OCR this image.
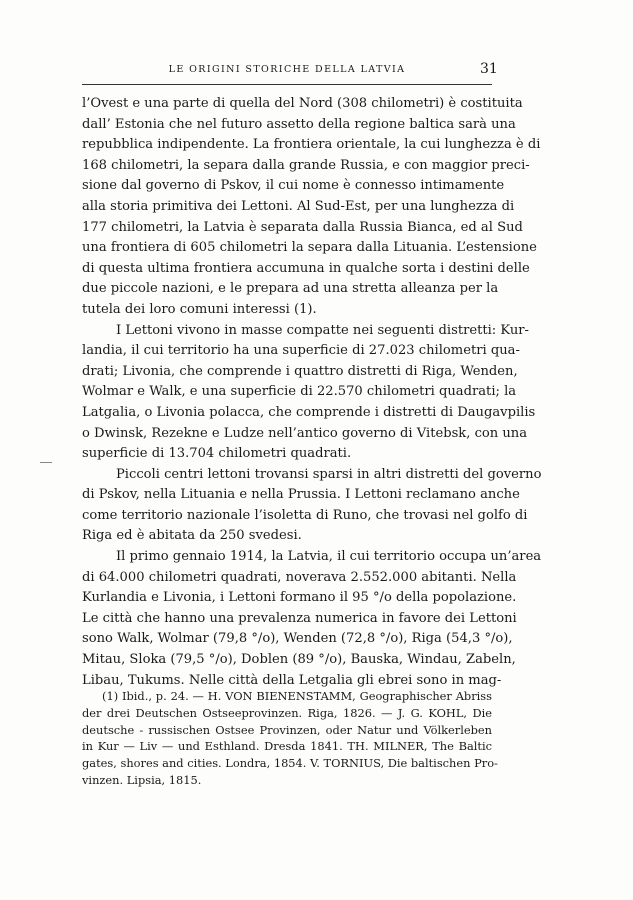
LE ORIGINI STORICHE DELLA LATVIA	31
l’Ovest e una parte di quella del Nord (308 chilometri) è costituita
dall’ Estonia che nel futuro assetto della regione baltica sarà una
repubblica indipendente. La frontiera orientale, la cui lunghezza è di
168 chilometri, la separa dalla grande Russia, e con maggior preci-
sione dal governo di Pskov, il cui nome è connesso intimamente
alla storia primitiva dei Lettoni. Al Sud-Est, per una lunghezza di
177 chilometri, la Latvia è separata dalla Russia Bianca, ed al Sud
una frontiera di 605 chilometri la separa dalla Lituania. L’estensione
di questa ultima frontiera accumuna in qualche sorta i destini delle
due piccole nazioni, e le prepara ad una stretta alleanza per la
tutela dei loro comuni interessi (1).
I Lettoni vivono in masse compatte nei seguenti distretti: Kur-
landia, il cui territorio ha una superficie di 27.023 chilometri qua-
drati; Livonia, che comprende i quattro distretti di Riga, Wenden,
Wolmar e Walk, e una superficie di 22.570 chilometri quadrati; la
Latgalia, o Livonia polacca, che comprende i distretti di Daugavpilis
o Dwinsk, Rezekne e Ludze nell’antico governo di Vitebsk, con una
superficie di 13.704 chilometri quadrati.
Piccoli centri lettoni trovansi sparsi in altri distretti del governo
di Pskov, nella Lituania e nella Prussia. I Lettoni reclamano anche
come territorio nazionale l’isoletta di Runo, che trovasi nel golfo di
Riga ed è abitata da 250 svedesi.
Il primo gennaio 1914, la Latvia, il cui territorio occupa un’area
di 64.000 chilometri quadrati, noverava 2.552.000 abitanti. Nella
Kurlandia e Livonia, i Lettoni formano il 95 °/o della popolazione.
Le città che hanno una prevalenza numerica in favore dei Lettoni
sono Walk, Wolmar (79,8 °/o), Wenden (72,8 °/o), Riga (54,3 °/o),
Mitau, Sloka (79,5 °/o), Doblen (89 °/o), Bauska, Windau, Zabeln,
Libau, Tukums. Nelle città della Letgalia gli ebrei sono in mag-
(1) Ibid., p. 24. — H. VON BIENENSTAMM, Geographischer Abriss
der drei Deutschen Ostseeprovinzen. Riga, 1826. — J. G. KOHL, Die
deutsche - russischen Ostsee Provinzen, oder Natur und Völkerleben
in Kur — Liv — und Esthland. Dresda 1841. TH. MILNER, The Baltic
gates, shores and cities. Londra, 1854. V. TORNIUS, Die baltischen Pro-
vinzen. Lipsia, 1815.
